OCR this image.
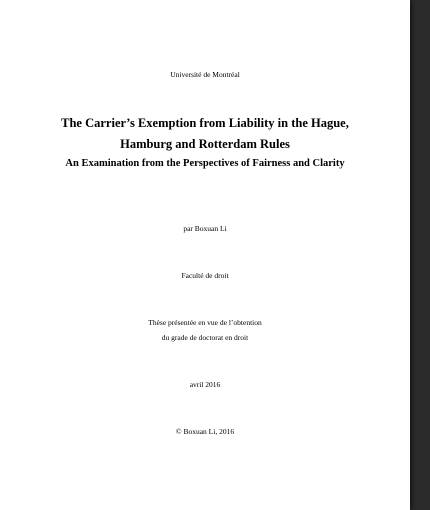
Université de Montréal
The Carrier’s Exemption from Liability in the Hague,
Hamburg and Rotterdam Rules
An Examination from the Perspectives of Fairness and Clarity
par Boxuan Li
Faculté de droit
Thèse présentée en vue de l’obtention
du grade de doctorat en droit
avril 2016
© Boxuan Li, 2016
